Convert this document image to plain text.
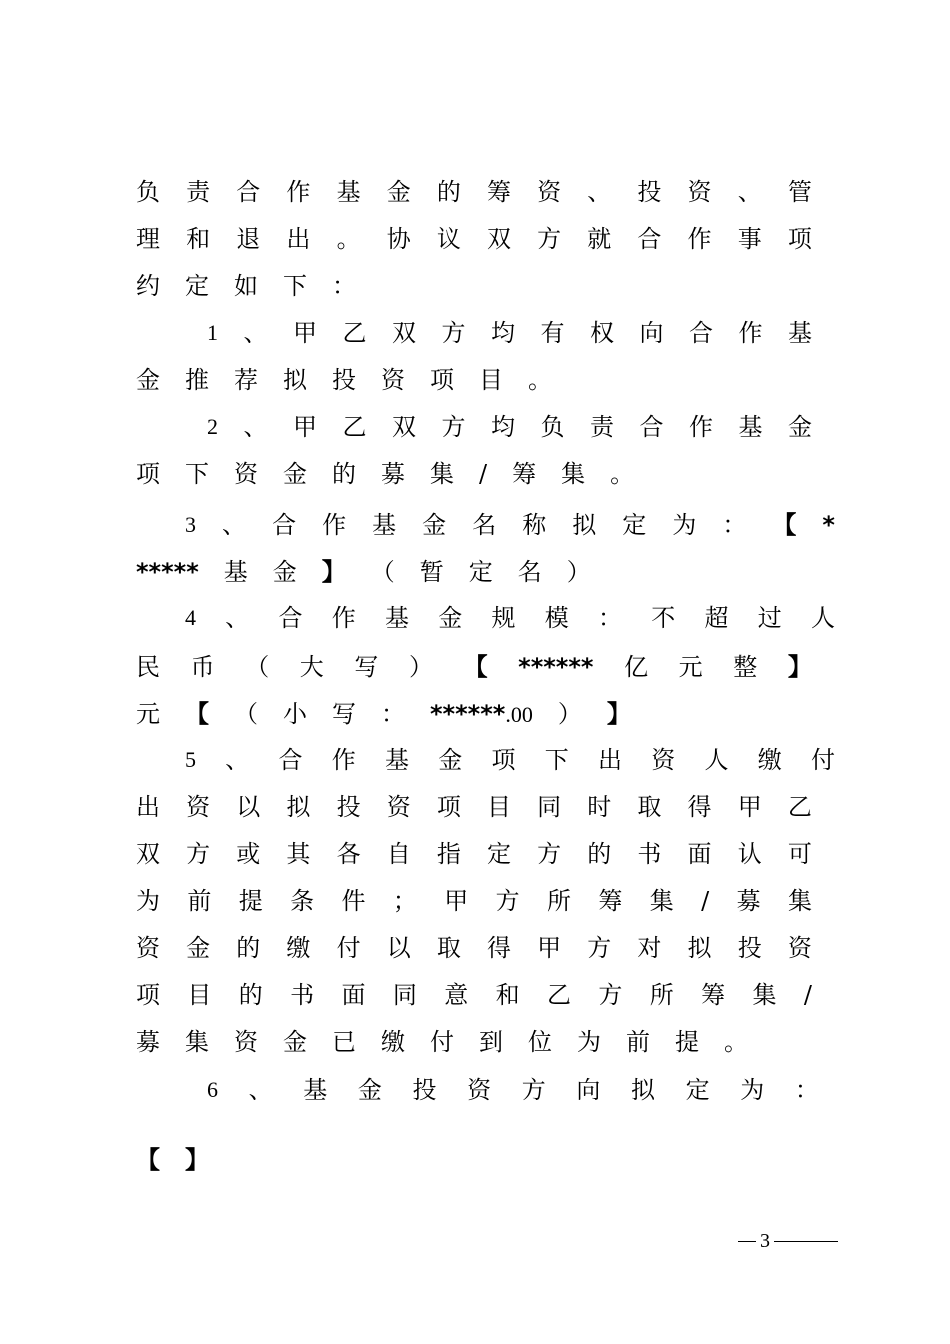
负 责 合 作 基 金 的 筹 资 、 投 资 、 管
理 和 退 出 。 协 议 双 方 就 合 作 事 项
约 定 如 下 ：
1 、 甲 乙 双 方 均 有 权 向 合 作 基
金 推 荐 拟 投 资 项 目 。
2 、 甲 乙 双 方 均 负 责 合 作 基 金
项 下 资 金 的 募 集 / 筹 集 。
3 、 合 作 基 金 名 称 拟 定 为 ： 【 *
***** 基 金 】 （ 暂 定 名 ）
4 、 合 作 基 金 规 模 ： 不 超 过 人
民 币 （ 大 写 ） 【 ****** 亿 元 整 】
元 【 （ 小 写 ： ******.00 ） 】
5 、 合 作 基 金 项 下 出 资 人 缴 付
出 资 以 拟 投 资 项 目 同 时 取 得 甲 乙
双 方 或 其 各 自 指 定 方 的 书 面 认 可
为 前 提 条 件 ； 甲 方 所 筹 集 / 募 集
资 金 的 缴 付 以 取 得 甲 方 对 拟 投 资
项 目 的 书 面 同 意 和 乙 方 所 筹 集 /
募 集 资 金 已 缴 付 到 位 为 前 提 。
6 、 基 金 投 资 方 向 拟 定 为 ：
【 】
3
